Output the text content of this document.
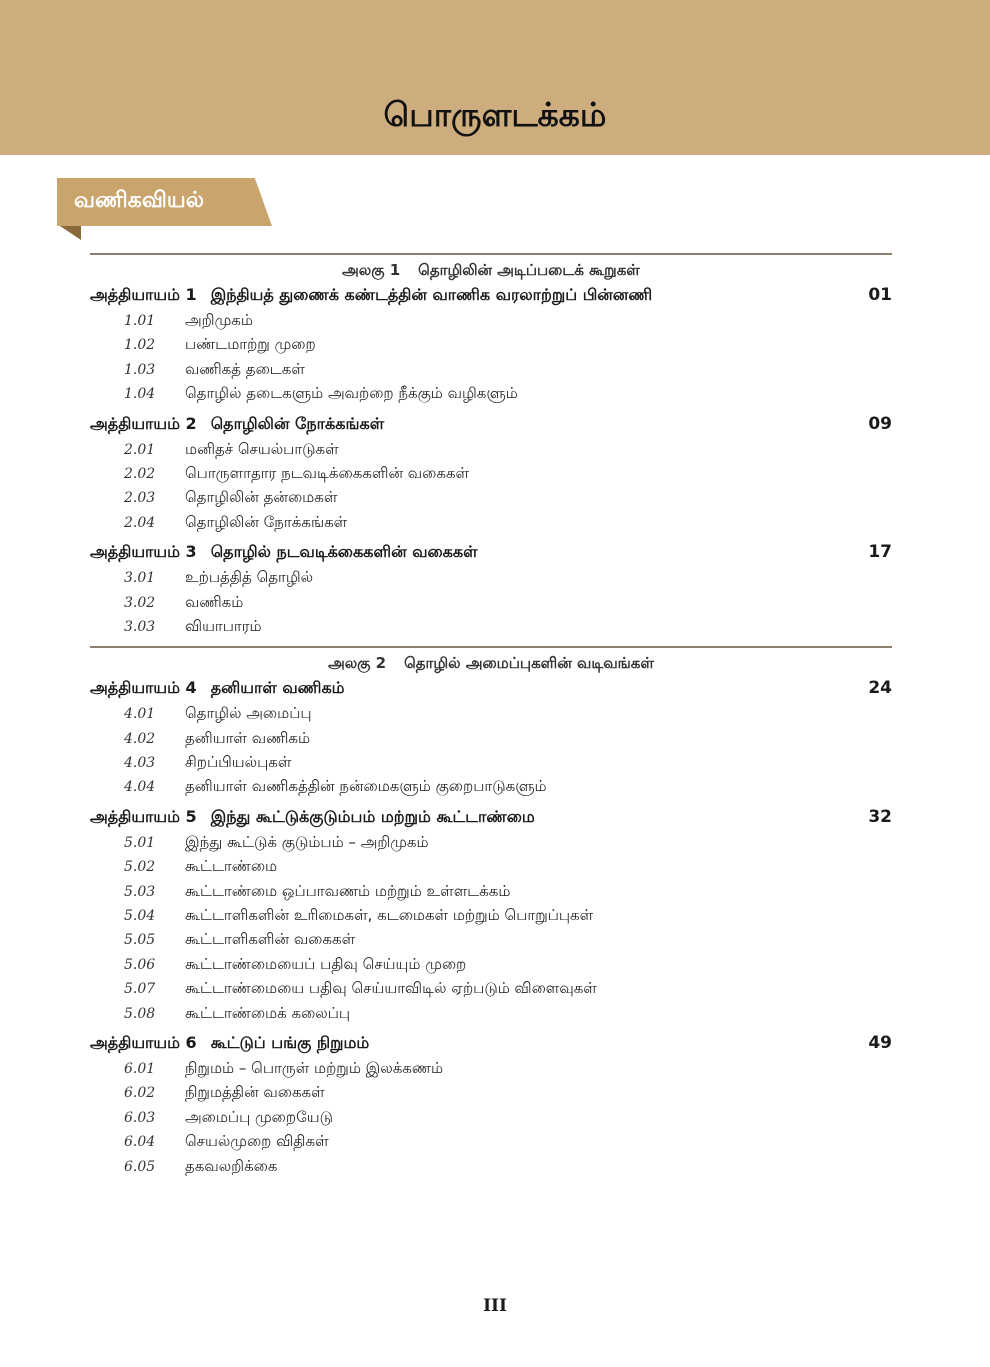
பொருளடக்கம்
வணிகவியல்
அலகு 1 தொழிலின் அடிப்படைக் கூறுகள்
அத்தியாயம் 1 இந்தியத் துணைக் கண்டத்தின் வாணிக வரலாற்றுப் பின்னணி	01
1.01	அறிமுகம்
1.02	பண்டமாற்று முறை
1.03	வணிகத் தடைகள்
1.04	தொழில் தடைகளும் அவற்றை நீக்கும் வழிகளும்
அத்தியாயம் 2 தொழிலின் நோக்கங்கள்	09
2.01	மனிதச் செயல்பாடுகள்
2.02	பொருளாதார நடவடிக்கைகளின் வகைகள்
2.03	தொழிலின் தன்மைகள்
2.04	தொழிலின் நோக்கங்கள்
அத்தியாயம் 3 தொழில் நடவடிக்கைகளின் வகைகள்	17
3.01	உற்பத்தித் தொழில்
3.02	வணிகம்
3.03	வியாபாரம்
அலகு 2 தொழில் அமைப்புகளின் வடிவங்கள்
அத்தியாயம் 4 தனியாள் வணிகம்	24
4.01	தொழில் அமைப்பு
4.02	தனியாள் வணிகம்
4.03	சிறப்பியல்புகள்
4.04	தனியாள் வணிகத்தின் நன்மைகளும் குறைபாடுகளும்
அத்தியாயம் 5 இந்து கூட்டுக்குடும்பம் மற்றும் கூட்டாண்மை	32
5.01	இந்து கூட்டுக் குடும்பம் – அறிமுகம்
5.02	கூட்டாண்மை
5.03	கூட்டாண்மை ஒப்பாவணம் மற்றும் உள்ளடக்கம்
5.04	கூட்டாளிகளின் உரிமைகள், கடமைகள் மற்றும் பொறுப்புகள்
5.05	கூட்டாளிகளின் வகைகள்
5.06	கூட்டாண்மையைப் பதிவு செய்யும் முறை
5.07	கூட்டாண்மையை பதிவு செய்யாவிடில் ஏற்படும் விளைவுகள்
5.08	கூட்டாண்மைக் கலைப்பு
அத்தியாயம் 6 கூட்டுப் பங்கு நிறுமம்	49
6.01	நிறுமம் – பொருள் மற்றும் இலக்கணம்
6.02	நிறுமத்தின் வகைகள்
6.03	அமைப்பு முறையேடு
6.04	செயல்முறை விதிகள்
6.05	தகவலறிக்கை
III
